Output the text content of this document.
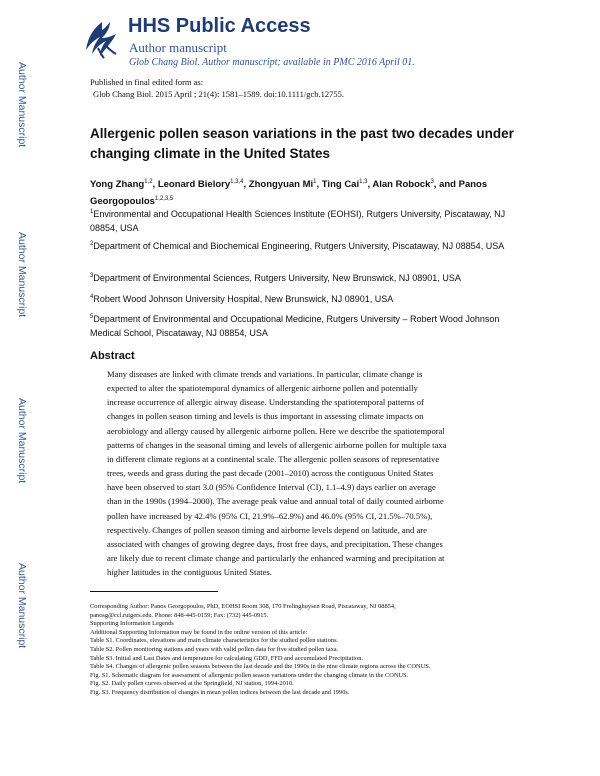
Author Manuscript
Author Manuscript
Author Manuscript
Author Manuscript
HHS Public Access
Author manuscript
Glob Chang Biol. Author manuscript; available in PMC 2016 April 01.
Published in final edited form as:
Glob Chang Biol. 2015 April ; 21(4): 1581–1589. doi:10.1111/gcb.12755.
Allergenic pollen season variations in the past two decades under changing climate in the United States
Yong Zhang$^{1,2}$, Leonard Bielory$^{1,3,4}$, Zhongyuan Mi$^1$, Ting Cai$^{1,3}$, Alan Robock$^3$, and Panos Georgopoulos$^{1,2,3,5}$
$^1$Environmental and Occupational Health Sciences Institute (EOHSI), Rutgers University, Piscataway, NJ 08854, USA
$^2$Department of Chemical and Biochemical Engineering, Rutgers University, Piscataway, NJ 08854, USA
$^3$Department of Environmental Sciences, Rutgers University, New Brunswick, NJ 08901, USA
$^4$Robert Wood Johnson University Hospital, New Brunswick, NJ 08901, USA
$^5$Department of Environmental and Occupational Medicine, Rutgers University – Robert Wood Johnson Medical School, Piscataway, NJ 08854, USA
Abstract
Many diseases are linked with climate trends and variations. In particular, climate change is
expected to alter the spatiotemporal dynamics of allergenic airborne pollen and potentially
increase occurrence of allergic airway disease. Understanding the spatiotemporal patterns of
changes in pollen season timing and levels is thus important in assessing climate impacts on
aerobiology and allergy caused by allergenic airborne pollen. Here we describe the spatiotemporal
patterns of changes in the seasonal timing and levels of allergenic airborne pollen for multiple taxa
in different climate regions at a continental scale. The allergenic pollen seasons of representative
trees, weeds and grass during the past decade (2001–2010) across the contiguous United States
have been observed to start 3.0 (95% Confidence Interval (CI), 1.1–4.9) days earlier on average
than in the 1990s (1994–2000). The average peak value and annual total of daily counted airborne
pollen have increased by 42.4% (95% CI, 21.9%–62.9%) and 46.0% (95% CI, 21.5%–70.5%),
respectively. Changes of pollen season timing and airborne levels depend on latitude, and are
associated with changes of growing degree days, frost free days, and precipitation. These changes
are likely due to recent climate change and particularly the enhanced warming and precipitation at
higher latitudes in the contiguous United States.
Corresponding Author: Panos Georgopoulos, PhD, EOHSI Room 308, 170 Frelinghuysen Road, Piscataway, NJ 08854,
panosg@ccl.rutgers.edu. Phone: 848-445-0159; Fax: (732) 445-0915.
Supporting Information Legends
Additional Supporting Information may be found in the online version of this article:
Table S1. Coordinates, elevations and main climate characteristics for the studied pollen stations.
Table S2. Pollen monitoring stations and years with valid pollen data for five studied pollen taxa.
Table S3. Initial and Last Dates and temperature for calculating GDD, FFD and accumulated Precipitation.
Table S4. Changes of allergenic pollen seasons between the last decade and the 1990s in the nine climate regions across the CONUS.
Fig. S1. Schematic diagram for assessment of allergenic pollen season variations under the changing climate in the CONUS.
Fig. S2. Daily pollen curves observed at the Springfield, NJ station, 1994-2010.
Fig. S3. Frequency distribution of changes in mean pollen indices between the last decade and 1990s.
